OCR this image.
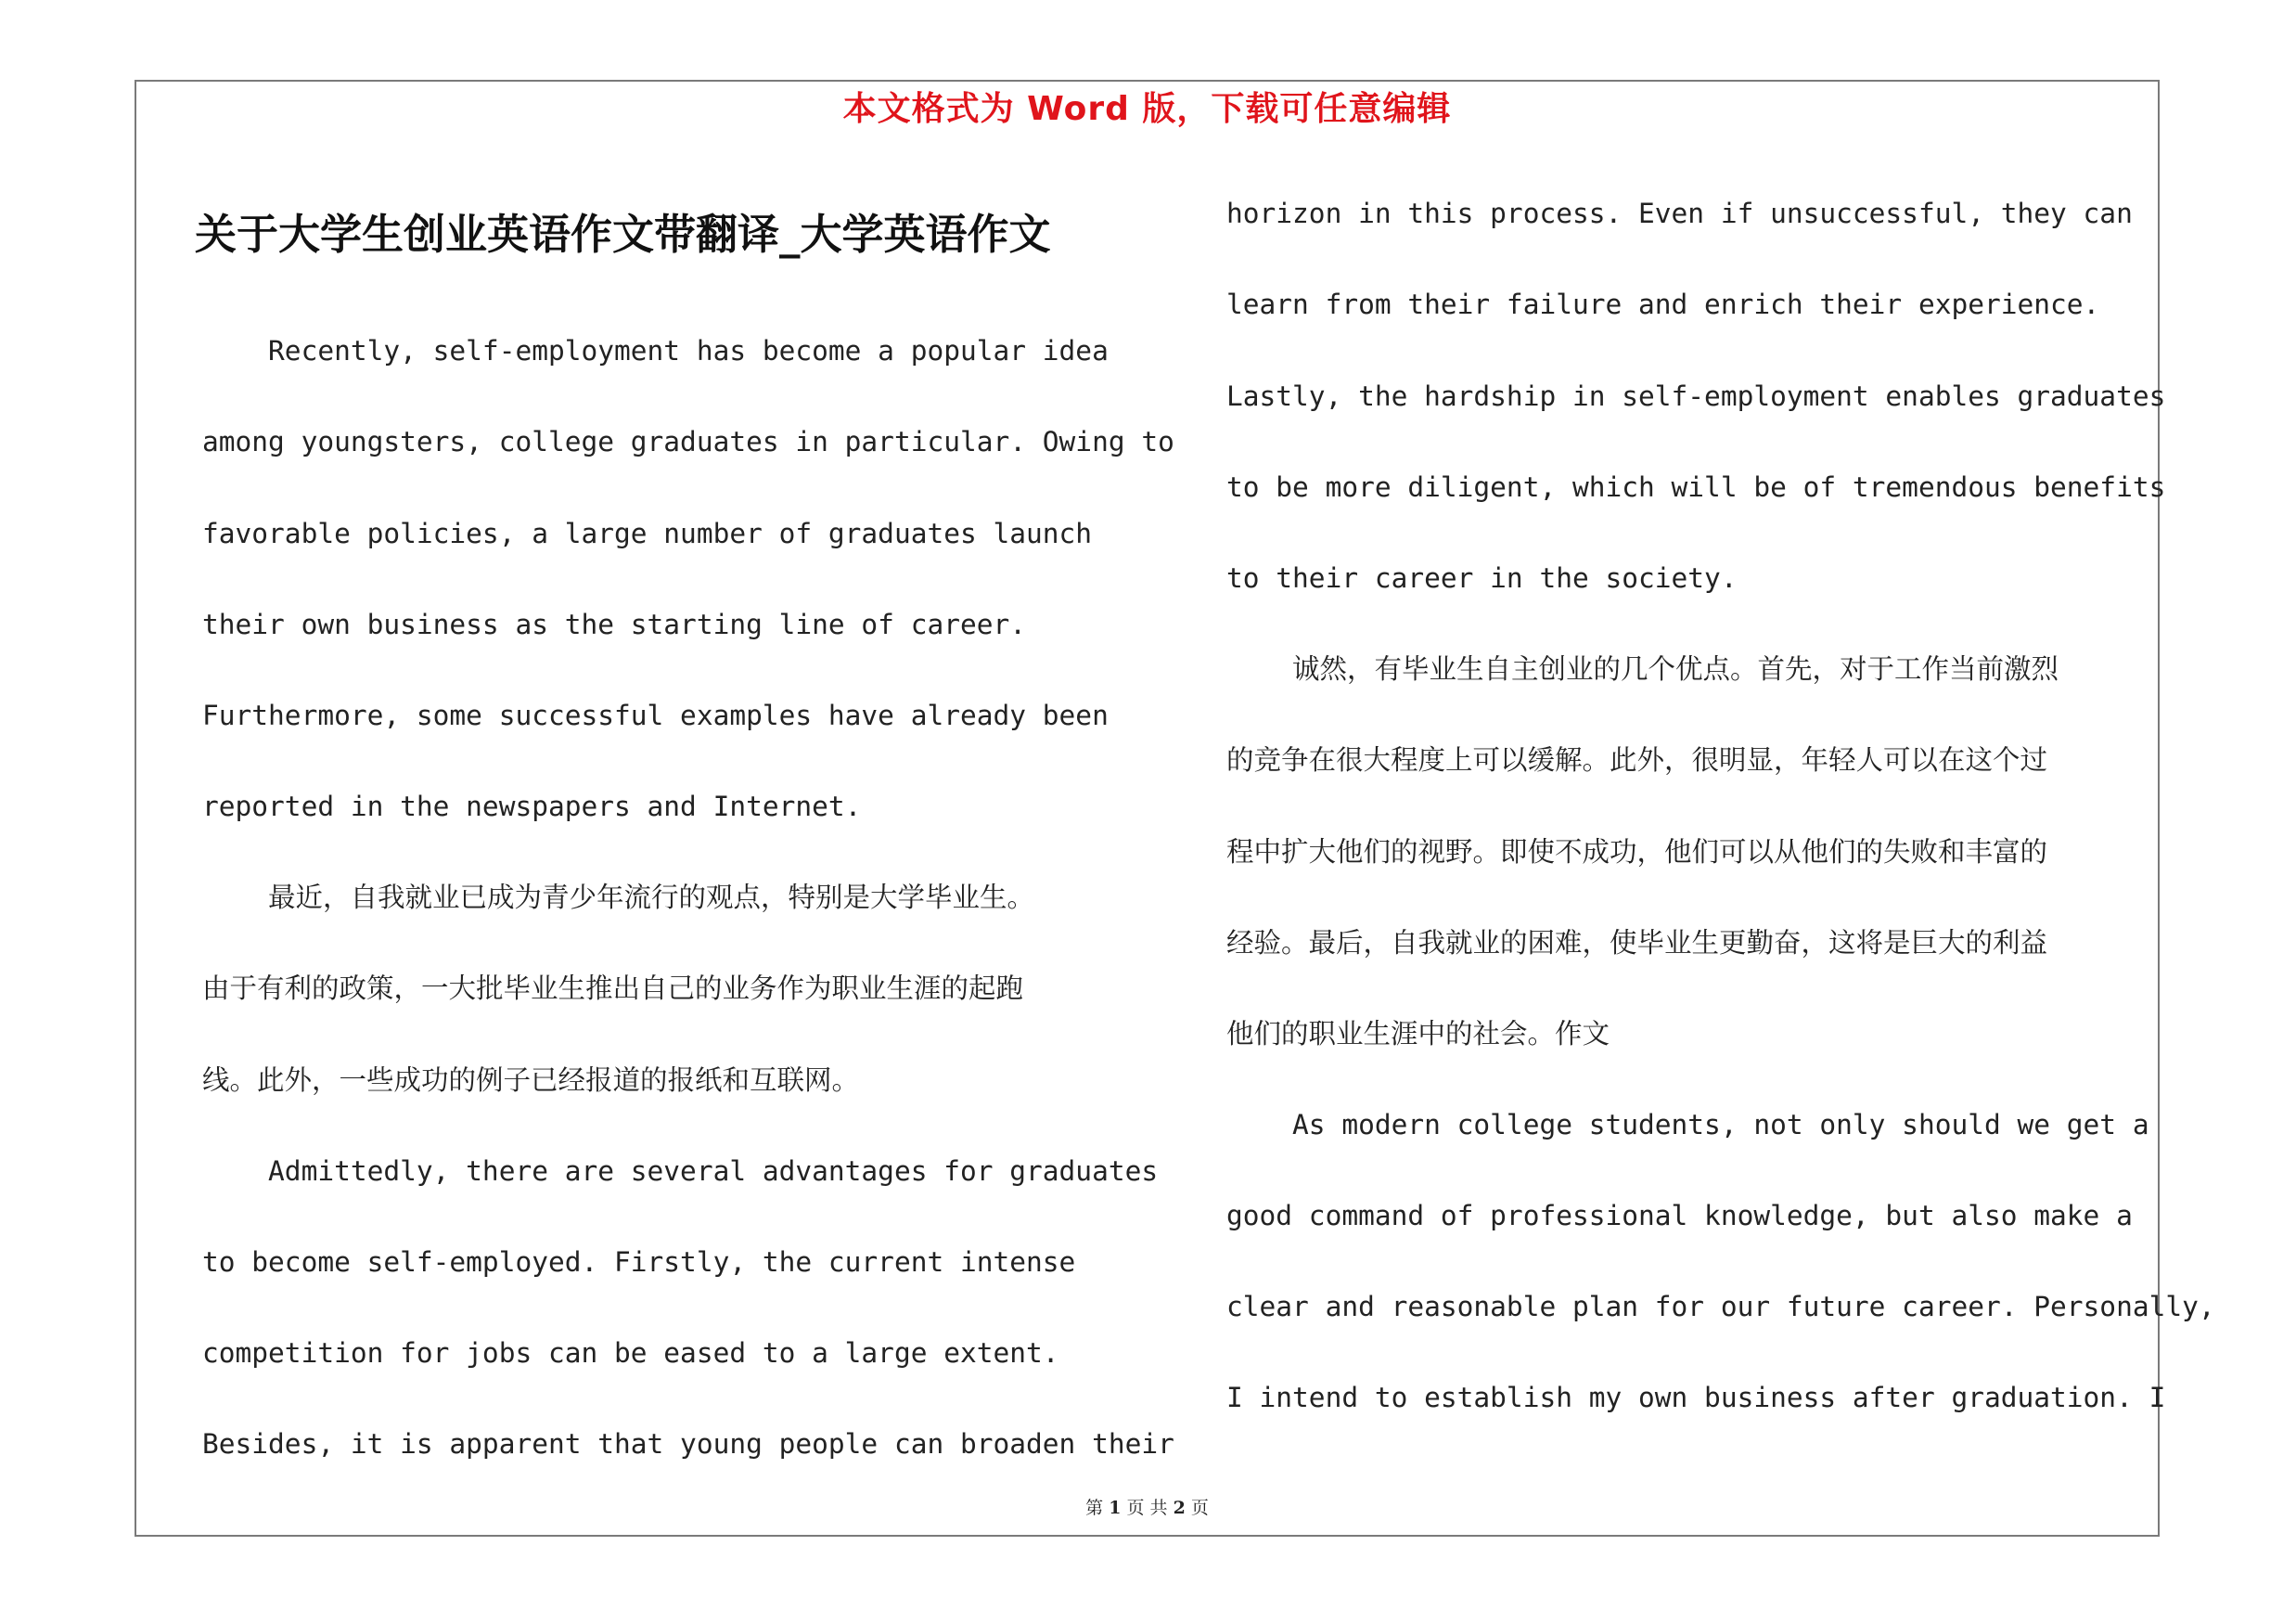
本文格式为 Word 版，下载可任意编辑
关于大学生创业英语作文带翻译_大学英语作文
Recently, self-employment has become a popular idea
among youngsters, college graduates in particular. Owing to
favorable policies, a large number of graduates launch
their own business as the starting line of career.
Furthermore, some successful examples have already been
reported in the newspapers and Internet.
最近，自我就业已成为青少年流行的观点，特别是大学毕业生。
由于有利的政策，一大批毕业生推出自己的业务作为职业生涯的起跑
线。此外，一些成功的例子已经报道的报纸和互联网。
Admittedly, there are several advantages for graduates
to become self-employed. Firstly, the current intense
competition for jobs can be eased to a large extent.
Besides, it is apparent that young people can broaden their
horizon in this process. Even if unsuccessful, they can
learn from their failure and enrich their experience.
Lastly, the hardship in self-employment enables graduates
to be more diligent, which will be of tremendous benefits
to their career in the society.
诚然，有毕业生自主创业的几个优点。首先，对于工作当前激烈
的竞争在很大程度上可以缓解。此外，很明显，年轻人可以在这个过
程中扩大他们的视野。即使不成功，他们可以从他们的失败和丰富的
经验。最后，自我就业的困难，使毕业生更勤奋，这将是巨大的利益
他们的职业生涯中的社会。作文
As modern college students, not only should we get a
good command of professional knowledge, but also make a
clear and reasonable plan for our future career. Personally,
I intend to establish my own business after graduation. I
第 1 页 共 2 页
